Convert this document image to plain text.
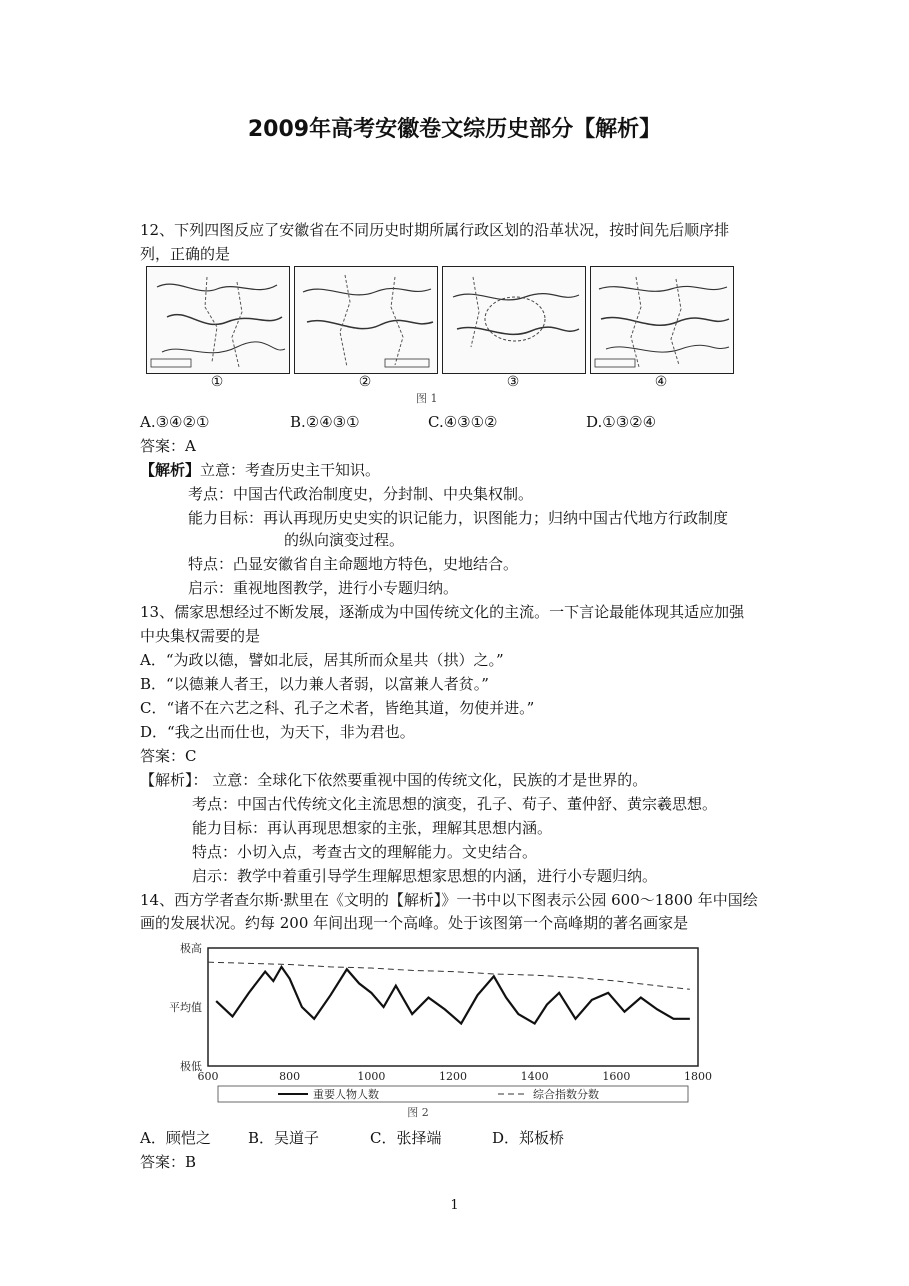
2009年高考安徽卷文综历史部分【解析】
12、下列四图反应了安徽省在不同历史时期所属行政区划的沿革状况，按时间先后顺序排
列，正确的是
①	②	③	④
图 1
A.③④②①	B.②④③①	C.④③①②	D.①③②④
答案：A
【解析】立意：考查历史主干知识。
考点：中国古代政治制度史，分封制、中央集权制。
能力目标：再认再现历史史实的识记能力，识图能力；归纳中国古代地方行政制度
的纵向演变过程。
特点：凸显安徽省自主命题地方特色，史地结合。
启示：重视地图教学，进行小专题归纳。
13、儒家思想经过不断发展，逐渐成为中国传统文化的主流。一下言论最能体现其适应加强
中央集权需要的是
A．“为政以德，譬如北辰，居其所而众星共（拱）之。”
B．“以德兼人者王，以力兼人者弱，以富兼人者贫。”
C．“诸不在六艺之科、孔子之术者，皆绝其道，勿使并进。”
D．“我之出而仕也，为天下，非为君也。
答案：C
【解析】： 立意：全球化下依然要重视中国的传统文化，民族的才是世界的。
考点：中国古代传统文化主流思想的演变，孔子、荀子、董仲舒、黄宗羲思想。
能力目标：再认再现思想家的主张，理解其思想内涵。
特点：小切入点，考查古文的理解能力。文史结合。
启示：教学中着重引导学生理解思想家思想的内涵，进行小专题归纳。
14、西方学者查尔斯·默里在《文明的【解析】》一书中以下图表示公园 600～1800 年中国绘
画的发展状况。约每 200 年间出现一个高峰。处于该图第一个高峰期的著名画家是
极高
平均值
极低
600	800	1000	1200	1400	1600	1800
重要人物人数	综合指数分数
图 2
A．顾恺之 B．吴道子	C．张择端	D．郑板桥
答案：B
1
